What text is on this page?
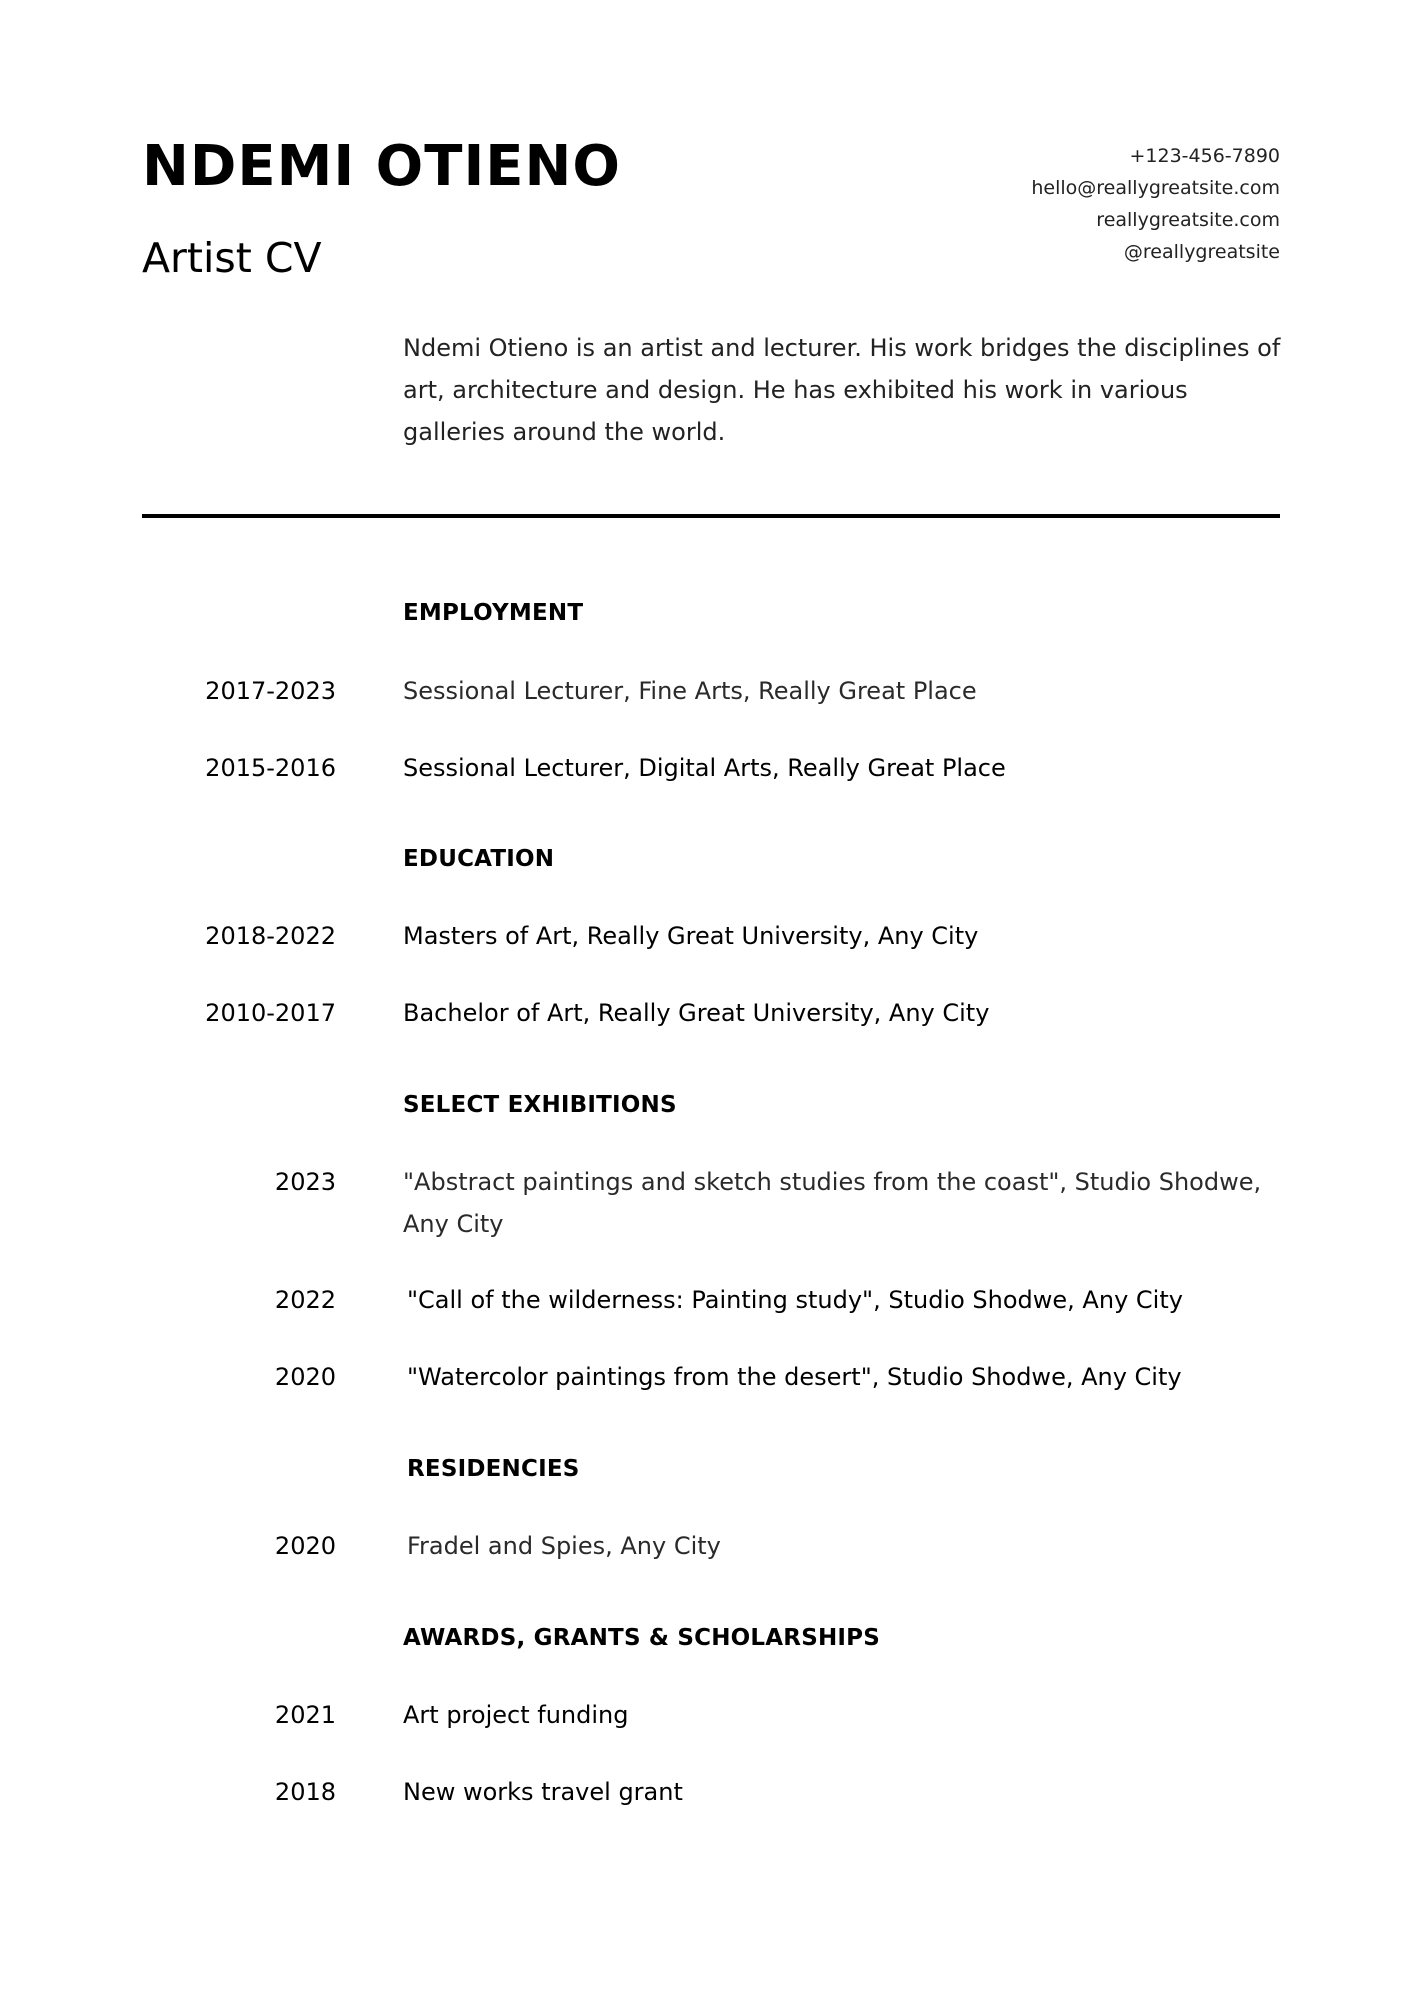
NDEMI OTIENO
Artist CV
+123-456-7890
hello@reallygreatsite.com
reallygreatsite.com
@reallygreatsite
Ndemi Otieno is an artist and lecturer. His work bridges the disciplines of art, architecture and design. He has exhibited his work in various galleries around the world.
EMPLOYMENT
2017-2023	Sessional Lecturer, Fine Arts, Really Great Place
2015-2016	Sessional Lecturer, Digital Arts, Really Great Place
EDUCATION
2018-2022	Masters of Art, Really Great University, Any City
2010-2017	Bachelor of Art, Really Great University, Any City
SELECT EXHIBITIONS
2023	"Abstract paintings and sketch studies from the coast", Studio Shodwe, Any City
2022	"Call of the wilderness: Painting study", Studio Shodwe, Any City
2020	"Watercolor paintings from the desert", Studio Shodwe, Any City
RESIDENCIES
2020	Fradel and Spies, Any City
AWARDS, GRANTS & SCHOLARSHIPS
2021	Art project funding
2018	New works travel grant
